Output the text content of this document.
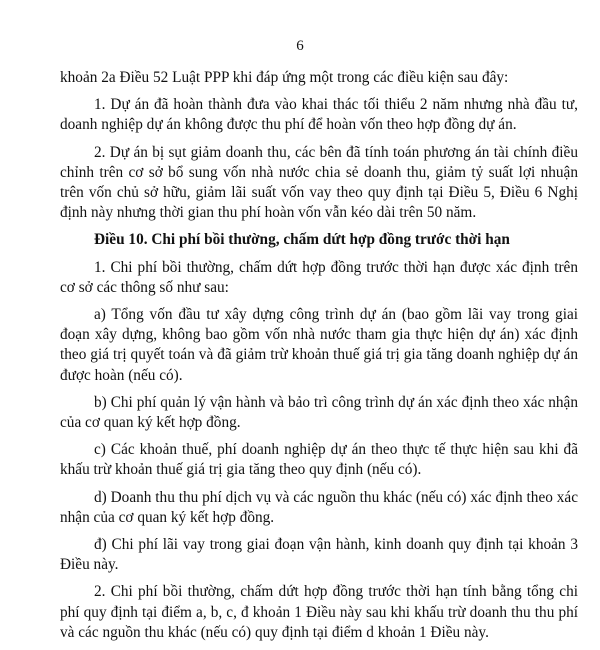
6

khoản 2a Điều 52 Luật PPP khi đáp ứng một trong các điều kiện sau đây:

1. Dự án đã hoàn thành đưa vào khai thác tối thiểu 2 năm nhưng nhà đầu tư, doanh nghiệp dự án không được thu phí để hoàn vốn theo hợp đồng dự án.

2. Dự án bị sụt giảm doanh thu, các bên đã tính toán phương án tài chính điều chỉnh trên cơ sở bổ sung vốn nhà nước chia sẻ doanh thu, giảm tỷ suất lợi nhuận trên vốn chủ sở hữu, giảm lãi suất vốn vay theo quy định tại Điều 5, Điều 6 Nghị định này nhưng thời gian thu phí hoàn vốn vẫn kéo dài trên 50 năm.

Điều 10. Chi phí bồi thường, chấm dứt hợp đồng trước thời hạn

1. Chi phí bồi thường, chấm dứt hợp đồng trước thời hạn được xác định trên cơ sở các thông số như sau:

a) Tổng vốn đầu tư xây dựng công trình dự án (bao gồm lãi vay trong giai đoạn xây dựng, không bao gồm vốn nhà nước tham gia thực hiện dự án) xác định theo giá trị quyết toán và đã giảm trừ khoản thuế giá trị gia tăng doanh nghiệp dự án được hoàn (nếu có).

b) Chi phí quản lý vận hành và bảo trì công trình dự án xác định theo xác nhận của cơ quan ký kết hợp đồng.

c) Các khoản thuế, phí doanh nghiệp dự án theo thực tế thực hiện sau khi đã khấu trừ khoản thuế giá trị gia tăng theo quy định (nếu có).

d) Doanh thu thu phí dịch vụ và các nguồn thu khác (nếu có) xác định theo xác nhận của cơ quan ký kết hợp đồng.

đ) Chi phí lãi vay trong giai đoạn vận hành, kinh doanh quy định tại khoản 3 Điều này.

2. Chi phí bồi thường, chấm dứt hợp đồng trước thời hạn tính bằng tổng chi phí quy định tại điểm a, b, c, đ khoản 1 Điều này sau khi khấu trừ doanh thu thu phí và các nguồn thu khác (nếu có) quy định tại điểm d khoản 1 Điều này.
